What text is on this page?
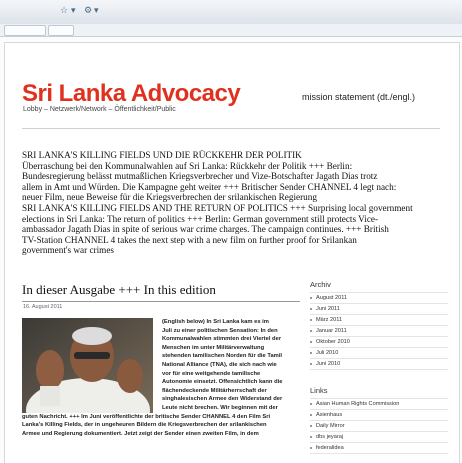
☆ ▾ ⚙ ▾
Sri Lanka Advocacy
Lobby – Netzwerk/Network – Öffentlichkeit/Public
mission statement (dt./engl.)
SRI LANKA'S KILLING FIELDS UND DIE RÜCKKEHR DER POLITIK
Überraschung bei den Kommunalwahlen auf Sri Lanka: Rückkehr der Politik +++ Berlin:
Bundesregierung belässt mutmaßlichen Kriegsverbrecher und Vize-Botschafter Jagath Dias trotz
allem in Amt und Würden. Die Kampagne geht weiter +++ Britischer Sender CHANNEL 4 legt nach:
neuer Film, neue Beweise für die Kriegsverbrechen der srilankischen Regierung
SRI LANKA'S KILLING FIELDS AND THE RETURN OF POLITICS +++ Surprising local government
elections in Sri Lanka: The return of politics +++ Berlin: German government still protects Vice-
ambassador Jagath Dias in spite of serious war crime charges. The campaign continues. +++ British
TV-Station CHANNEL 4 takes the next step with a new film on further proof for Srilankan
government's war crimes
In dieser Ausgabe +++ In this edition
16. August 2011
(English below) In Sri Lanka kam es im
Juli zu einer politischen Sensation: In den
Kommunalwahlen stimmten drei Viertel der
Menschen im unter Militärverwaltung
stehenden tamilischen Norden für die Tamil
National Alliance (TNA), die sich nach wie
vor für eine weitgehende tamilische
Autonomie einsetzt. Offensichtlich kann die
flächendeckende Militärherrschaft der
singhalesischen Armee den Widerstand der
Leute nicht brechen. Wir beginnen mit der
guten Nachricht. +++ Im Juni veröffentlichte der britische Sender CHANNEL 4 den Film Sri
Lanka's Killing Fields, der in ungeheuren Bildern die Kriegsverbrechen der srilankischen
Armee und Regierung dokumentiert. Jetzt zeigt der Sender einen zweiten Film, in dem
Archiv
August 2011
Juni 2011
März 2011
Januar 2011
Oktober 2010
Juli 2010
Juni 2010
Links
Asian Human Rights Commission
Asienhaus
Daily Mirror
dbs jeyaraj
federalidea
